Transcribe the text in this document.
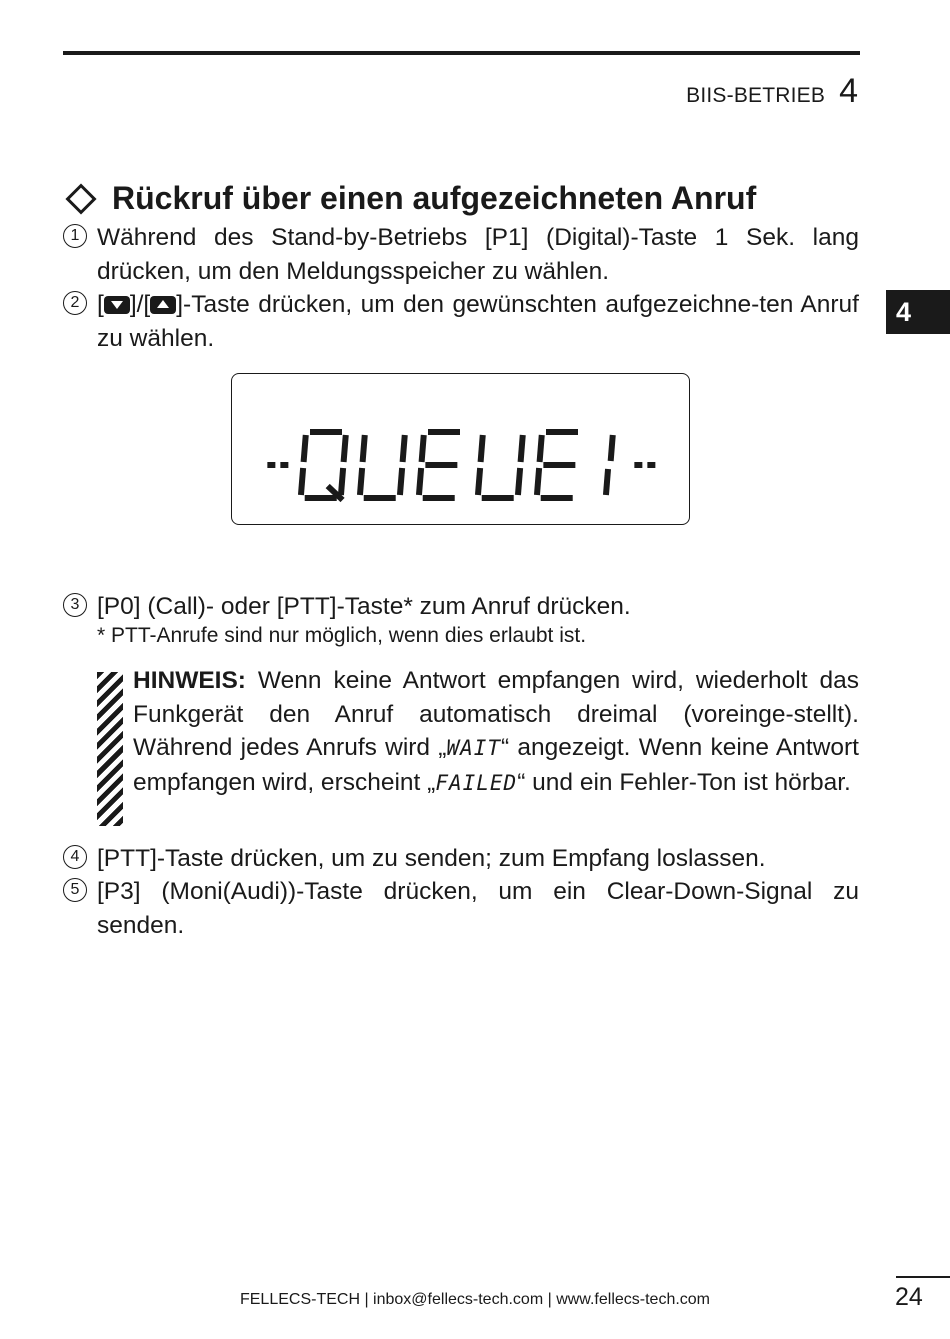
BIIS-BETRIEB 4
4
Rückruf über einen aufgezeichneten Anruf
1 Während des Stand-by-Betriebs [P1] (Digital)-Taste 1 Sek. lang drücken, um den Meldungsspeicher zu wählen.
2 [ ]/[ ]-Taste drücken, um den gewünschten aufgezeichne-ten Anruf zu wählen.
3 [P0] (Call)- oder [PTT]-Taste* zum Anruf drücken.
* PTT-Anrufe sind nur möglich, wenn dies erlaubt ist.
HINWEIS: Wenn keine Antwort empfangen wird, wiederholt das Funkgerät den Anruf automatisch dreimal (voreinge-stellt). Während jedes Anrufs wird „WAIT“ angezeigt. Wenn keine Antwort empfangen wird, erscheint „FAILED“ und ein Fehler-Ton ist hörbar.
4 [PTT]-Taste drücken, um zu senden; zum Empfang loslassen.
5 [P3] (Moni(Audi))-Taste drücken, um ein Clear-Down-Signal zu senden.
FELLECS-TECH | inbox@fellecs-tech.com | www.fellecs-tech.com	24
